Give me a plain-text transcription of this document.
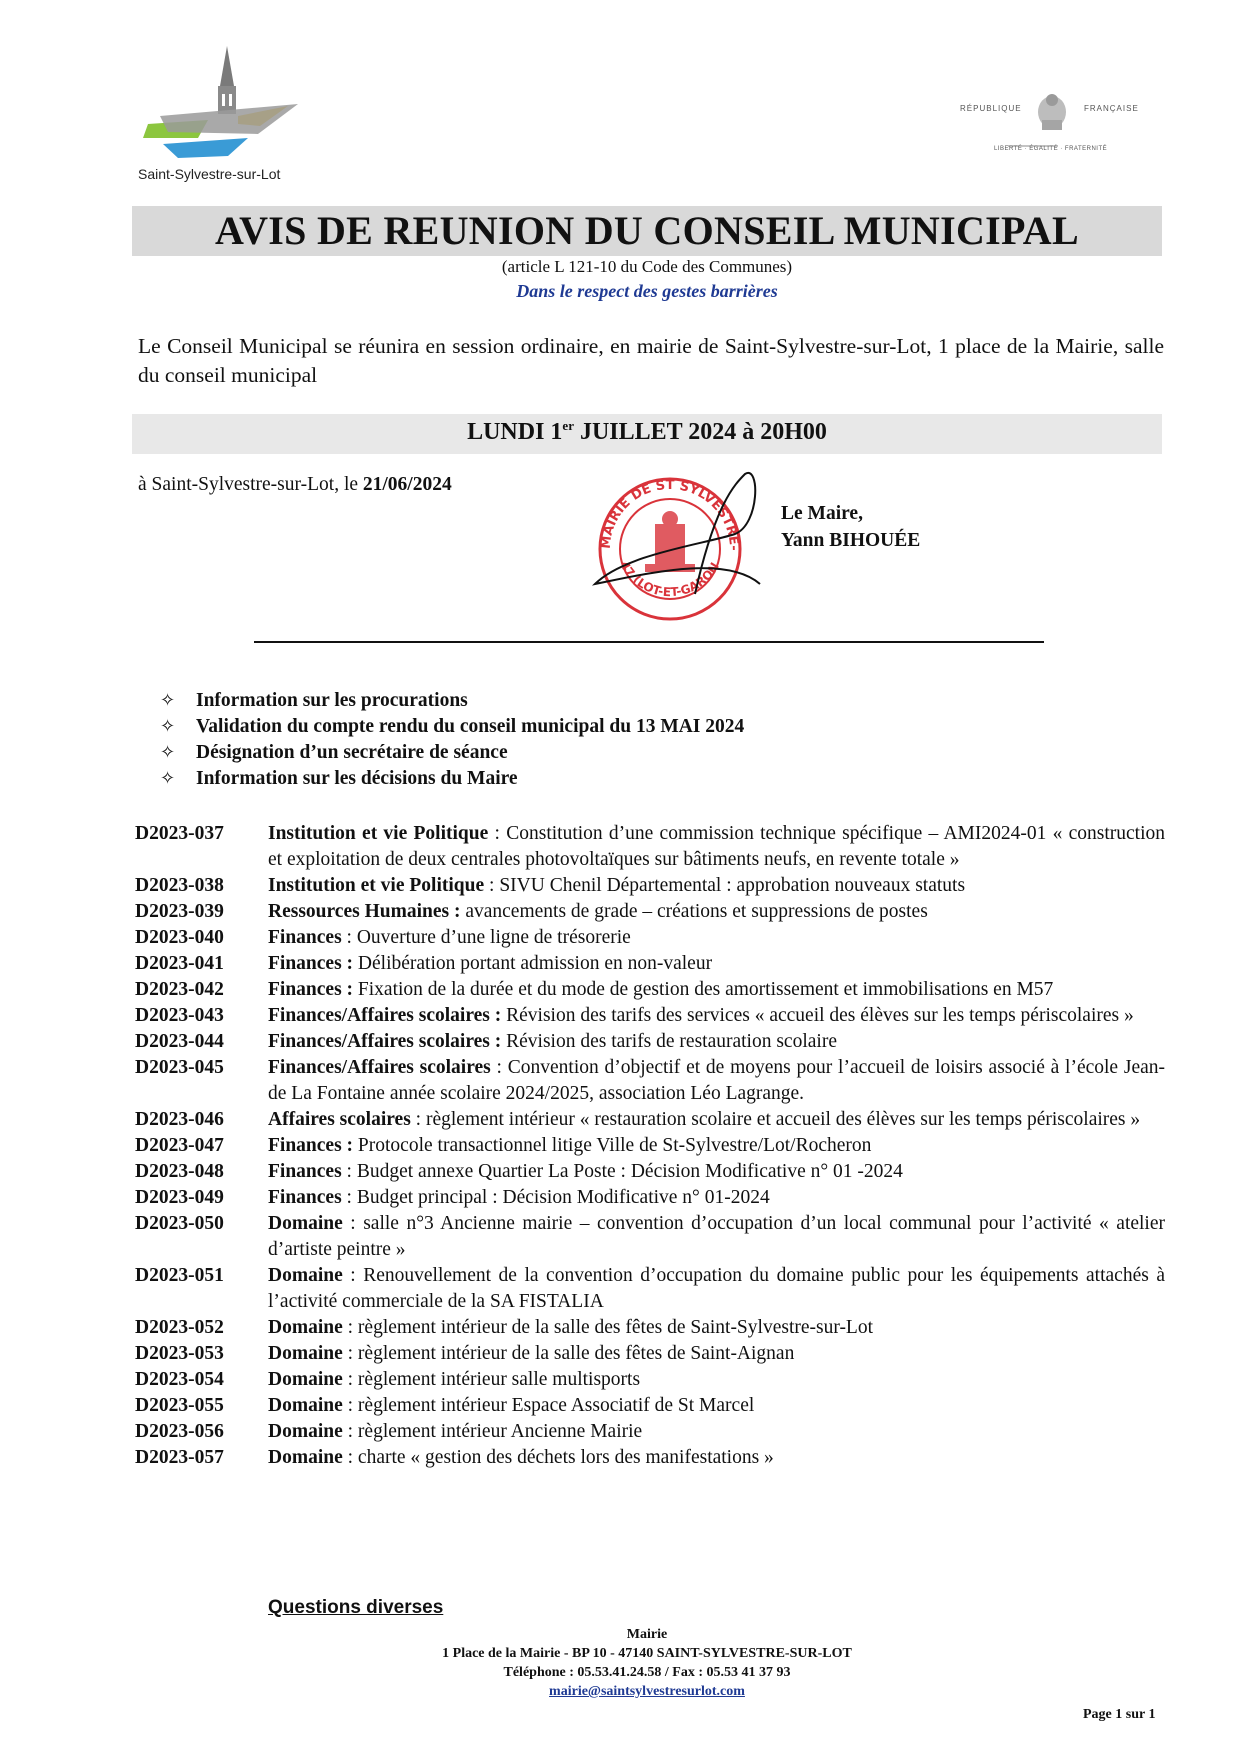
Saint-Sylvestre-sur-Lot
RÉPUBLIQUE	FRANÇAISE
LIBERTÉ · ÉGALITÉ · FRATERNITÉ
AVIS DE REUNION DU CONSEIL MUNICIPAL
(article L 121-10 du Code des Communes)
Dans le respect des gestes barrières
Le Conseil Municipal se réunira en session ordinaire, en mairie de Saint-Sylvestre-sur-Lot, 1 place de la Mairie, salle du conseil municipal
LUNDI 1er JUILLET 2024 à 20H00
à Saint-Sylvestre-sur-Lot, le 21/06/2024
MAIRIE DE ST SYLVESTRE-
47 (LOT-ET-GARON
Le Maire,
Yann BIHOUÉE
✧	Information sur les procurations
✧	Validation du compte rendu du conseil municipal du 13 MAI 2024
✧	Désignation d’un secrétaire de séance
✧	Information sur les décisions du Maire
D2023-037	Institution et vie Politique : Constitution d’une commission technique spécifique – AMI2024-01 « construction et exploitation de deux centrales photovoltaïques sur bâtiments neufs, en revente totale »
D2023-038	Institution et vie Politique : SIVU Chenil Départemental : approbation nouveaux statuts
D2023-039	Ressources Humaines : avancements de grade – créations et suppressions de postes
D2023-040	Finances : Ouverture d’une ligne de trésorerie
D2023-041	Finances : Délibération portant admission en non-valeur
D2023-042	Finances : Fixation de la durée et du mode de gestion des amortissement et immobilisations en M57
D2023-043	Finances/Affaires scolaires : Révision des tarifs des services « accueil des élèves sur les temps périscolaires »
D2023-044	Finances/Affaires scolaires : Révision des tarifs de restauration scolaire
D2023-045	Finances/Affaires scolaires : Convention d’objectif et de moyens pour l’accueil de loisirs associé à l’école Jean-de La Fontaine année scolaire 2024/2025, association Léo Lagrange.
D2023-046	Affaires scolaires : règlement intérieur « restauration scolaire et accueil des élèves sur les temps périscolaires »
D2023-047	Finances : Protocole transactionnel litige Ville de St-Sylvestre/Lot/Rocheron
D2023-048	Finances : Budget annexe Quartier La Poste : Décision Modificative n° 01 -2024
D2023-049	Finances : Budget principal : Décision Modificative n° 01-2024
D2023-050	Domaine : salle n°3 Ancienne mairie – convention d’occupation d’un local communal pour l’activité « atelier d’artiste peintre »
D2023-051	Domaine : Renouvellement de la convention d’occupation du domaine public pour les équipements attachés à l’activité commerciale de la SA FISTALIA
D2023-052	Domaine : règlement intérieur de la salle des fêtes de Saint-Sylvestre-sur-Lot
D2023-053	Domaine : règlement intérieur de la salle des fêtes de Saint-Aignan
D2023-054	Domaine : règlement intérieur salle multisports
D2023-055	Domaine : règlement intérieur Espace Associatif de St Marcel
D2023-056	Domaine : règlement intérieur Ancienne Mairie
D2023-057	Domaine : charte « gestion des déchets lors des manifestations »
Questions diverses
Mairie
1 Place de la Mairie - BP 10 - 47140 SAINT-SYLVESTRE-SUR-LOT
Téléphone : 05.53.41.24.58 / Fax : 05.53 41 37 93
mairie@saintsylvestresurlot.com
Page 1 sur 1
